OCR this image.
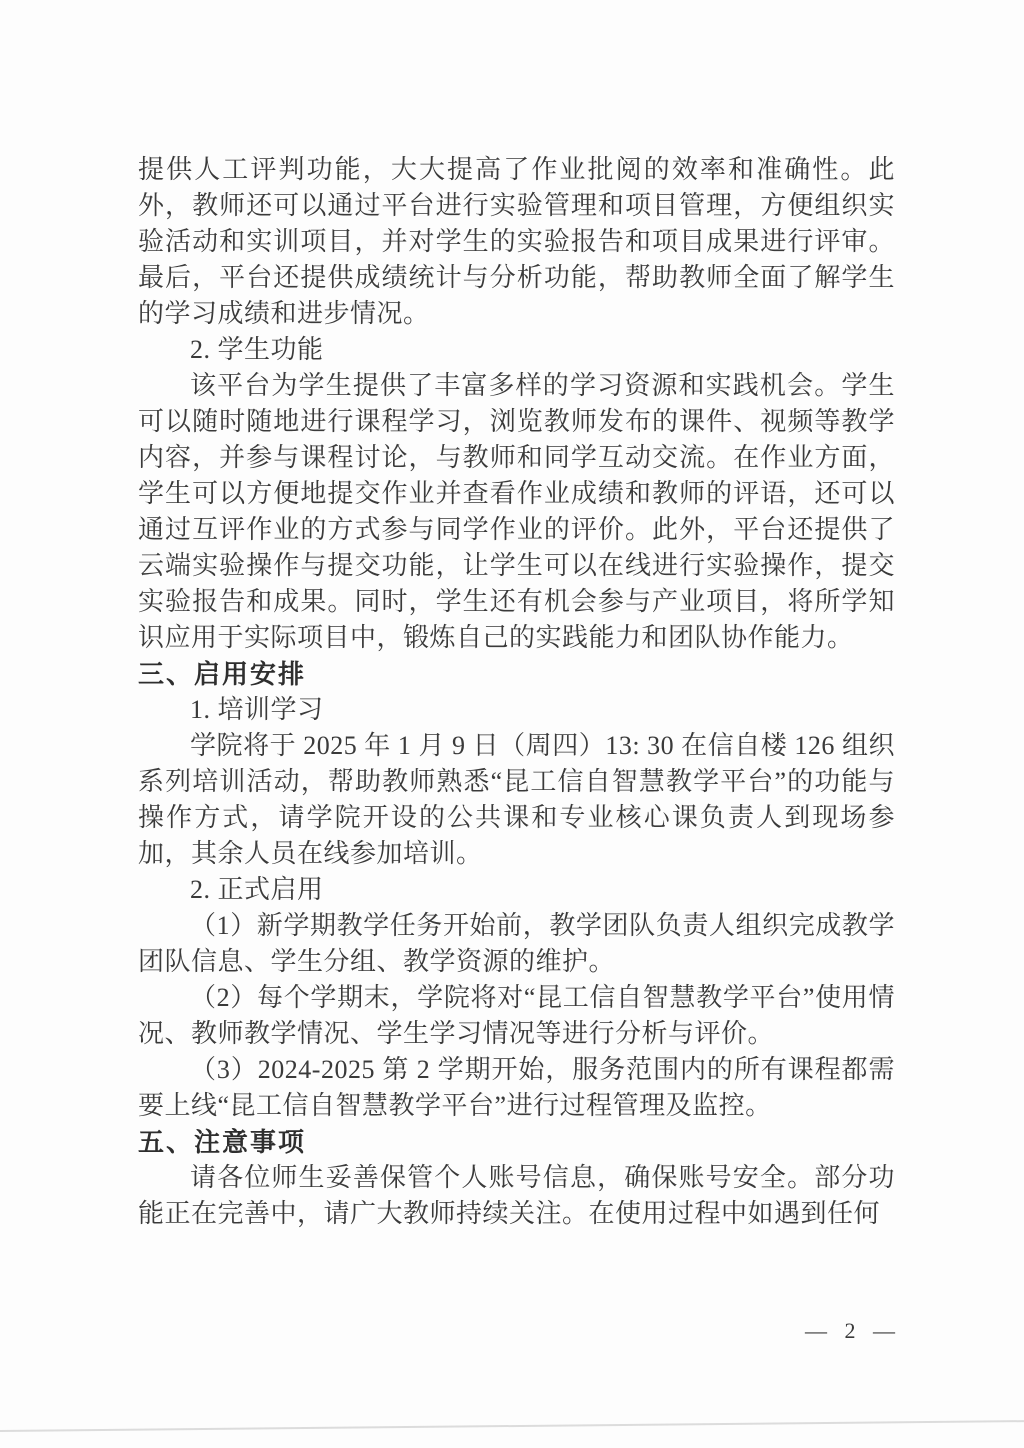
提供人工评判功能，大大提高了作业批阅的效率和准确性。此外，教师还可以通过平台进行实验管理和项目管理，方便组织实验活动和实训项目，并对学生的实验报告和项目成果进行评审。最后，平台还提供成绩统计与分析功能，帮助教师全面了解学生的学习成绩和进步情况。

2. 学生功能

该平台为学生提供了丰富多样的学习资源和实践机会。学生可以随时随地进行课程学习，浏览教师发布的课件、视频等教学内容，并参与课程讨论，与教师和同学互动交流。在作业方面，学生可以方便地提交作业并查看作业成绩和教师的评语，还可以通过互评作业的方式参与同学作业的评价。此外，平台还提供了云端实验操作与提交功能，让学生可以在线进行实验操作，提交实验报告和成果。同时，学生还有机会参与产业项目，将所学知识应用于实际项目中，锻炼自己的实践能力和团队协作能力。

三、启用安排

1. 培训学习

学院将于 2025 年 1 月 9 日（周四）13: 30 在信自楼 126 组织系列培训活动，帮助教师熟悉“昆工信自智慧教学平台”的功能与操作方式，请学院开设的公共课和专业核心课负责人到现场参加，其余人员在线参加培训。

2. 正式启用

（1）新学期教学任务开始前，教学团队负责人组织完成教学团队信息、学生分组、教学资源的维护。

（2）每个学期末，学院将对“昆工信自智慧教学平台”使用情况、教师教学情况、学生学习情况等进行分析与评价。

（3）2024-2025 第 2 学期开始，服务范围内的所有课程都需要上线“昆工信自智慧教学平台”进行过程管理及监控。

五、注意事项

请各位师生妥善保管个人账号信息，确保账号安全。部分功能正在完善中，请广大教师持续关注。在使用过程中如遇到任何

— 2 —
